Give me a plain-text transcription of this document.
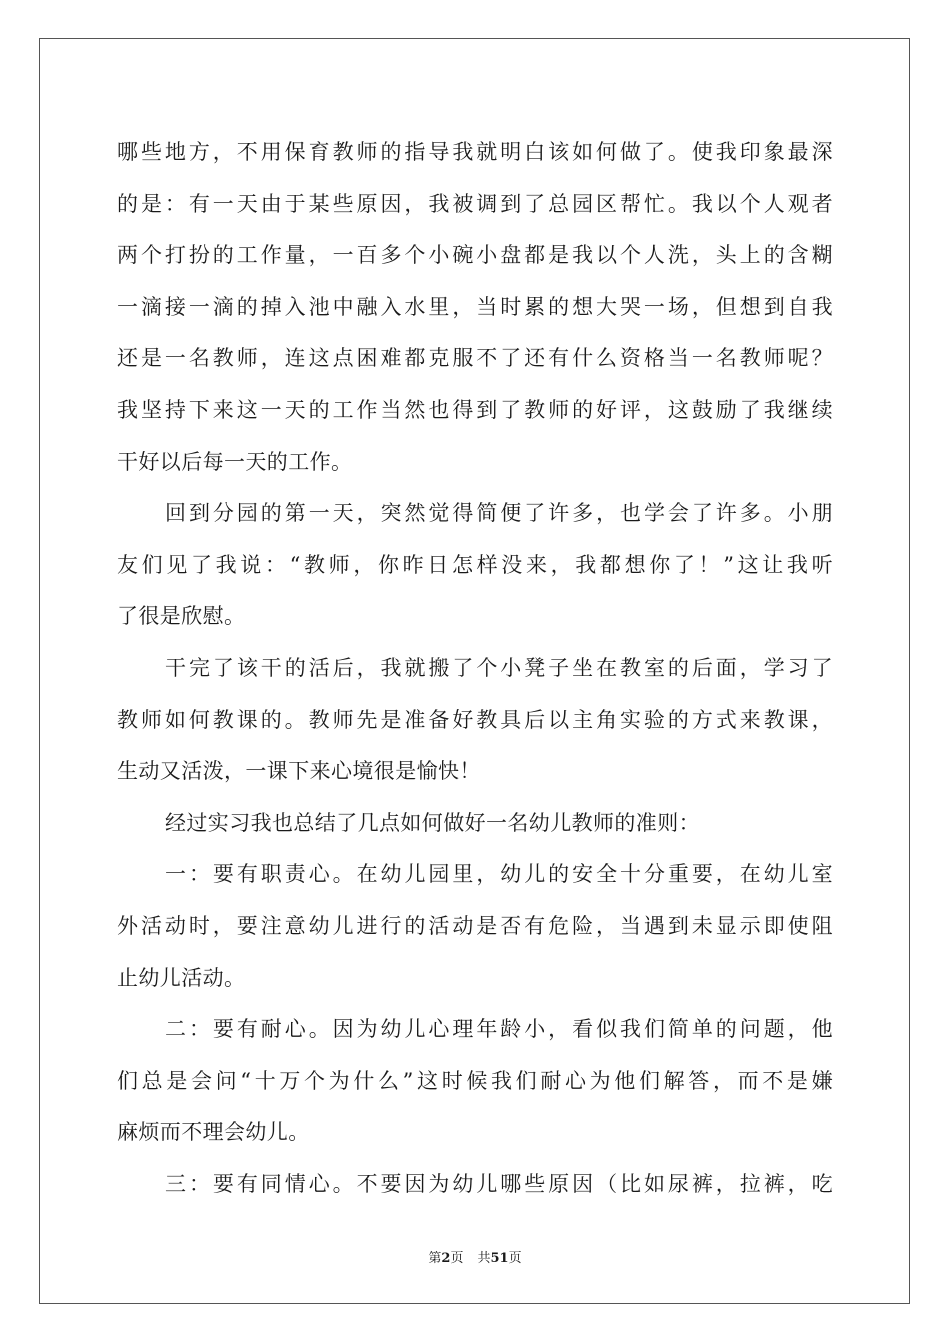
哪些地方，不用保育教师的指导我就明白该如何做了。使我印象最深
的是：有一天由于某些原因，我被调到了总园区帮忙。我以个人观者
两个打扮的工作量，一百多个小碗小盘都是我以个人洗，头上的含糊
一滴接一滴的掉入池中融入水里，当时累的想大哭一场，但想到自我
还是一名教师，连这点困难都克服不了还有什么资格当一名教师呢？
我坚持下来这一天的工作当然也得到了教师的好评，这鼓励了我继续
干好以后每一天的工作。
回到分园的第一天，突然觉得简便了许多，也学会了许多。小朋
友们见了我说：“教师，你昨日怎样没来，我都想你了！”这让我听
了很是欣慰。
干完了该干的活后，我就搬了个小凳子坐在教室的后面，学习了
教师如何教课的。教师先是准备好教具后以主角实验的方式来教课，
生动又活泼，一课下来心境很是愉快！
经过实习我也总结了几点如何做好一名幼儿教师的准则：
一：要有职责心。在幼儿园里，幼儿的安全十分重要，在幼儿室
外活动时，要注意幼儿进行的活动是否有危险，当遇到未显示即使阻
止幼儿活动。
二：要有耐心。因为幼儿心理年龄小，看似我们简单的问题，他
们总是会问“十万个为什么”这时候我们耐心为他们解答，而不是嫌
麻烦而不理会幼儿。
三：要有同情心。不要因为幼儿哪些原因（比如尿裤，拉裤，吃
第2页 共51页
